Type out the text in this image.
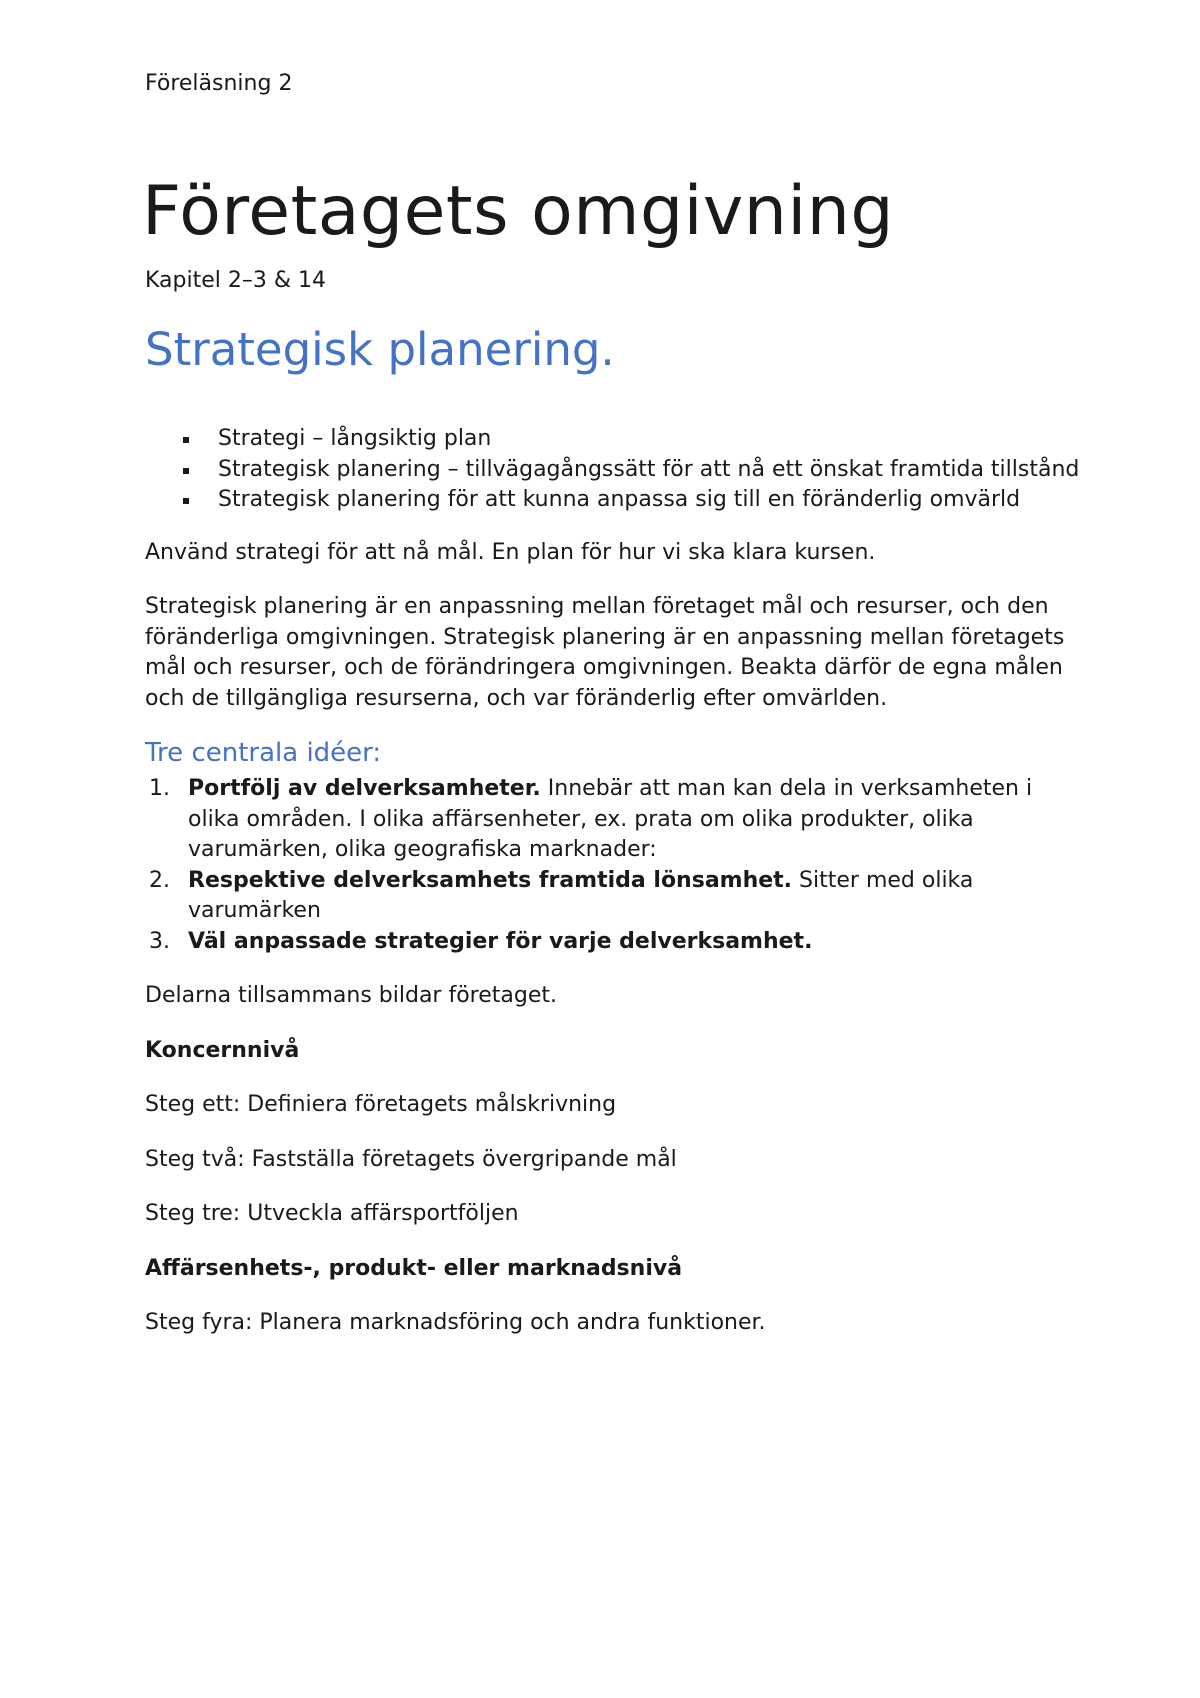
Föreläsning 2

Företagets omgivning

Kapitel 2–3 & 14

Strategisk planering.
Strategi – långsiktig plan
Strategisk planering – tillvägagångssätt för att nå ett önskat framtida tillstånd
Strategisk planering för att kunna anpassa sig till en föränderlig omvärld

Använd strategi för att nå mål. En plan för hur vi ska klara kursen.

Strategisk planering är en anpassning mellan företaget mål och resurser, och den föränderliga omgivningen. Strategisk planering är en anpassning mellan företagets mål och resurser, och de förändringera omgivningen. Beakta därför de egna målen och de tillgängliga resurserna, och var föränderlig efter omvärlden.

Tre centrala idéer:
1. Portfölj av delverksamheter. Innebär att man kan dela in verksamheten i olika områden. I olika affärsenheter, ex. prata om olika produkter, olika varumärken, olika geografiska marknader:
2. Respektive delverksamhets framtida lönsamhet. Sitter med olika varumärken
3. Väl anpassade strategier för varje delverksamhet.

Delarna tillsammans bildar företaget.

Koncernnivå

Steg ett: Definiera företagets målskrivning

Steg två: Fastställa företagets övergripande mål

Steg tre: Utveckla affärsportföljen

Affärsenhets-, produkt- eller marknadsnivå

Steg fyra: Planera marknadsföring och andra funktioner.
